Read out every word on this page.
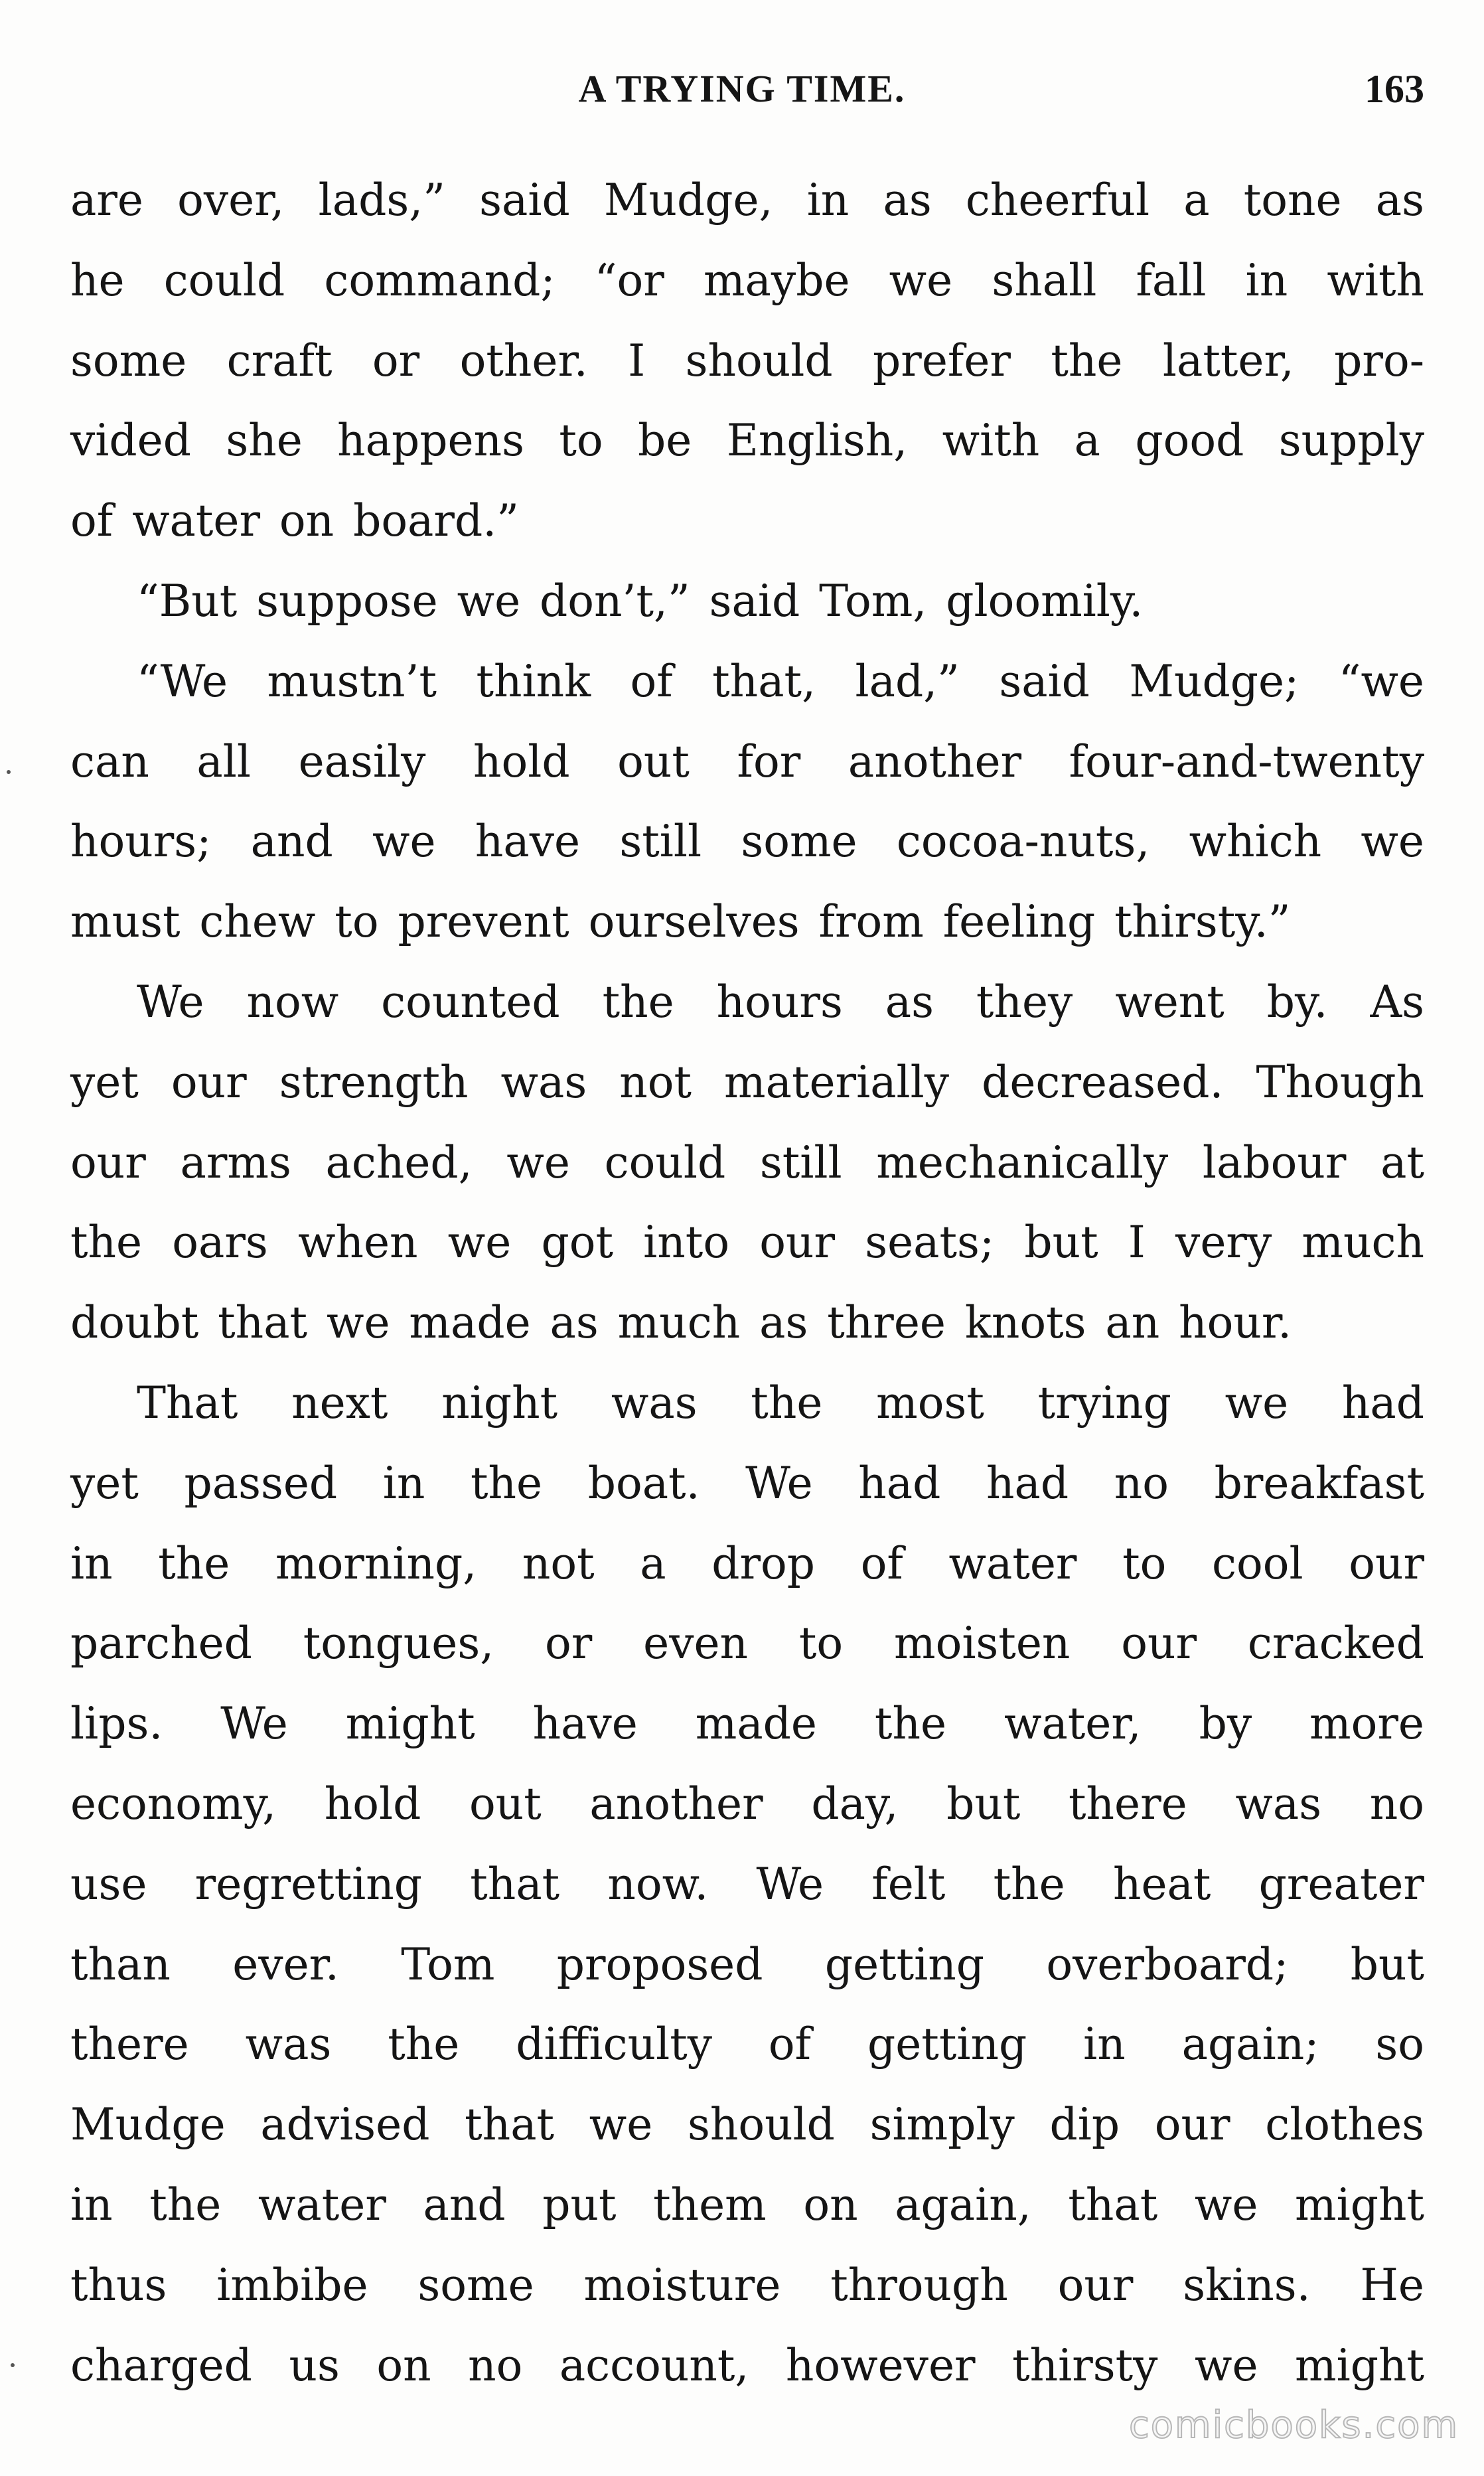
A TRYING TIME.	163
are over, lads,” said Mudge, in as cheerful a tone as
he could command; “or maybe we shall fall in with
some craft or other. I should prefer the latter, pro-
vided she happens to be English, with a good supply
of water on board.”
“But suppose we don’t,” said Tom, gloomily.
“We mustn’t think of that, lad,” said Mudge; “we
can all easily hold out for another four-and-twenty
hours; and we have still some cocoa-nuts, which we
must chew to prevent ourselves from feeling thirsty.”
We now counted the hours as they went by. As
yet our strength was not materially decreased. Though
our arms ached, we could still mechanically labour at
the oars when we got into our seats; but I very much
doubt that we made as much as three knots an hour.
That next night was the most trying we had
yet passed in the boat. We had had no breakfast
in the morning, not a drop of water to cool our
parched tongues, or even to moisten our cracked
lips. We might have made the water, by more
economy, hold out another day, but there was no
use regretting that now. We felt the heat greater
than ever. Tom proposed getting overboard; but
there was the difficulty of getting in again; so
Mudge advised that we should simply dip our clothes
in the water and put them on again, that we might
thus imbibe some moisture through our skins. He
charged us on no account, however thirsty we might
comicbooks.com
